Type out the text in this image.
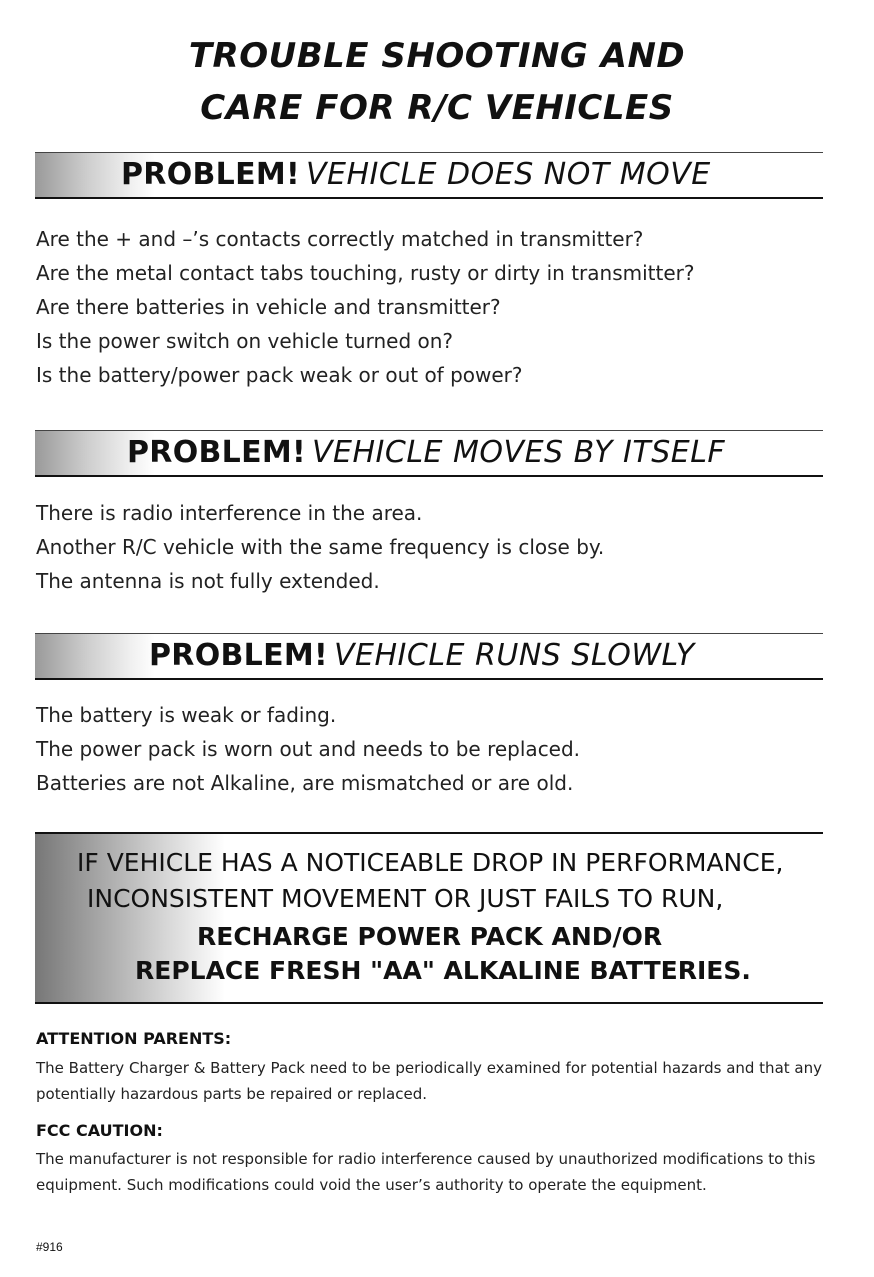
TROUBLE SHOOTING AND
CARE FOR R/C VEHICLES
PROBLEM! VEHICLE DOES NOT MOVE
Are the + and –’s contacts correctly matched in transmitter?
Are the metal contact tabs touching, rusty or dirty in transmitter?
Are there batteries in vehicle and transmitter?
Is the power switch on vehicle turned on?
Is the battery/power pack weak or out of power?
PROBLEM! VEHICLE MOVES BY ITSELF
There is radio interference in the area.
Another R/C vehicle with the same frequency is close by.
The antenna is not fully extended.
PROBLEM! VEHICLE RUNS SLOWLY
The battery is weak or fading.
The power pack is worn out and needs to be replaced.
Batteries are not Alkaline, are mismatched or are old.
IF VEHICLE HAS A NOTICEABLE DROP IN PERFORMANCE,
INCONSISTENT MOVEMENT OR JUST FAILS TO RUN,
RECHARGE POWER PACK AND/OR
REPLACE FRESH "AA" ALKALINE BATTERIES.
ATTENTION PARENTS:
The Battery Charger & Battery Pack need to be periodically examined for potential hazards and that any potentially hazardous parts be repaired or replaced.
FCC CAUTION:
The manufacturer is not responsible for radio interference caused by unauthorized modifications to this equipment. Such modifications could void the user’s authority to operate the equipment.
#916
